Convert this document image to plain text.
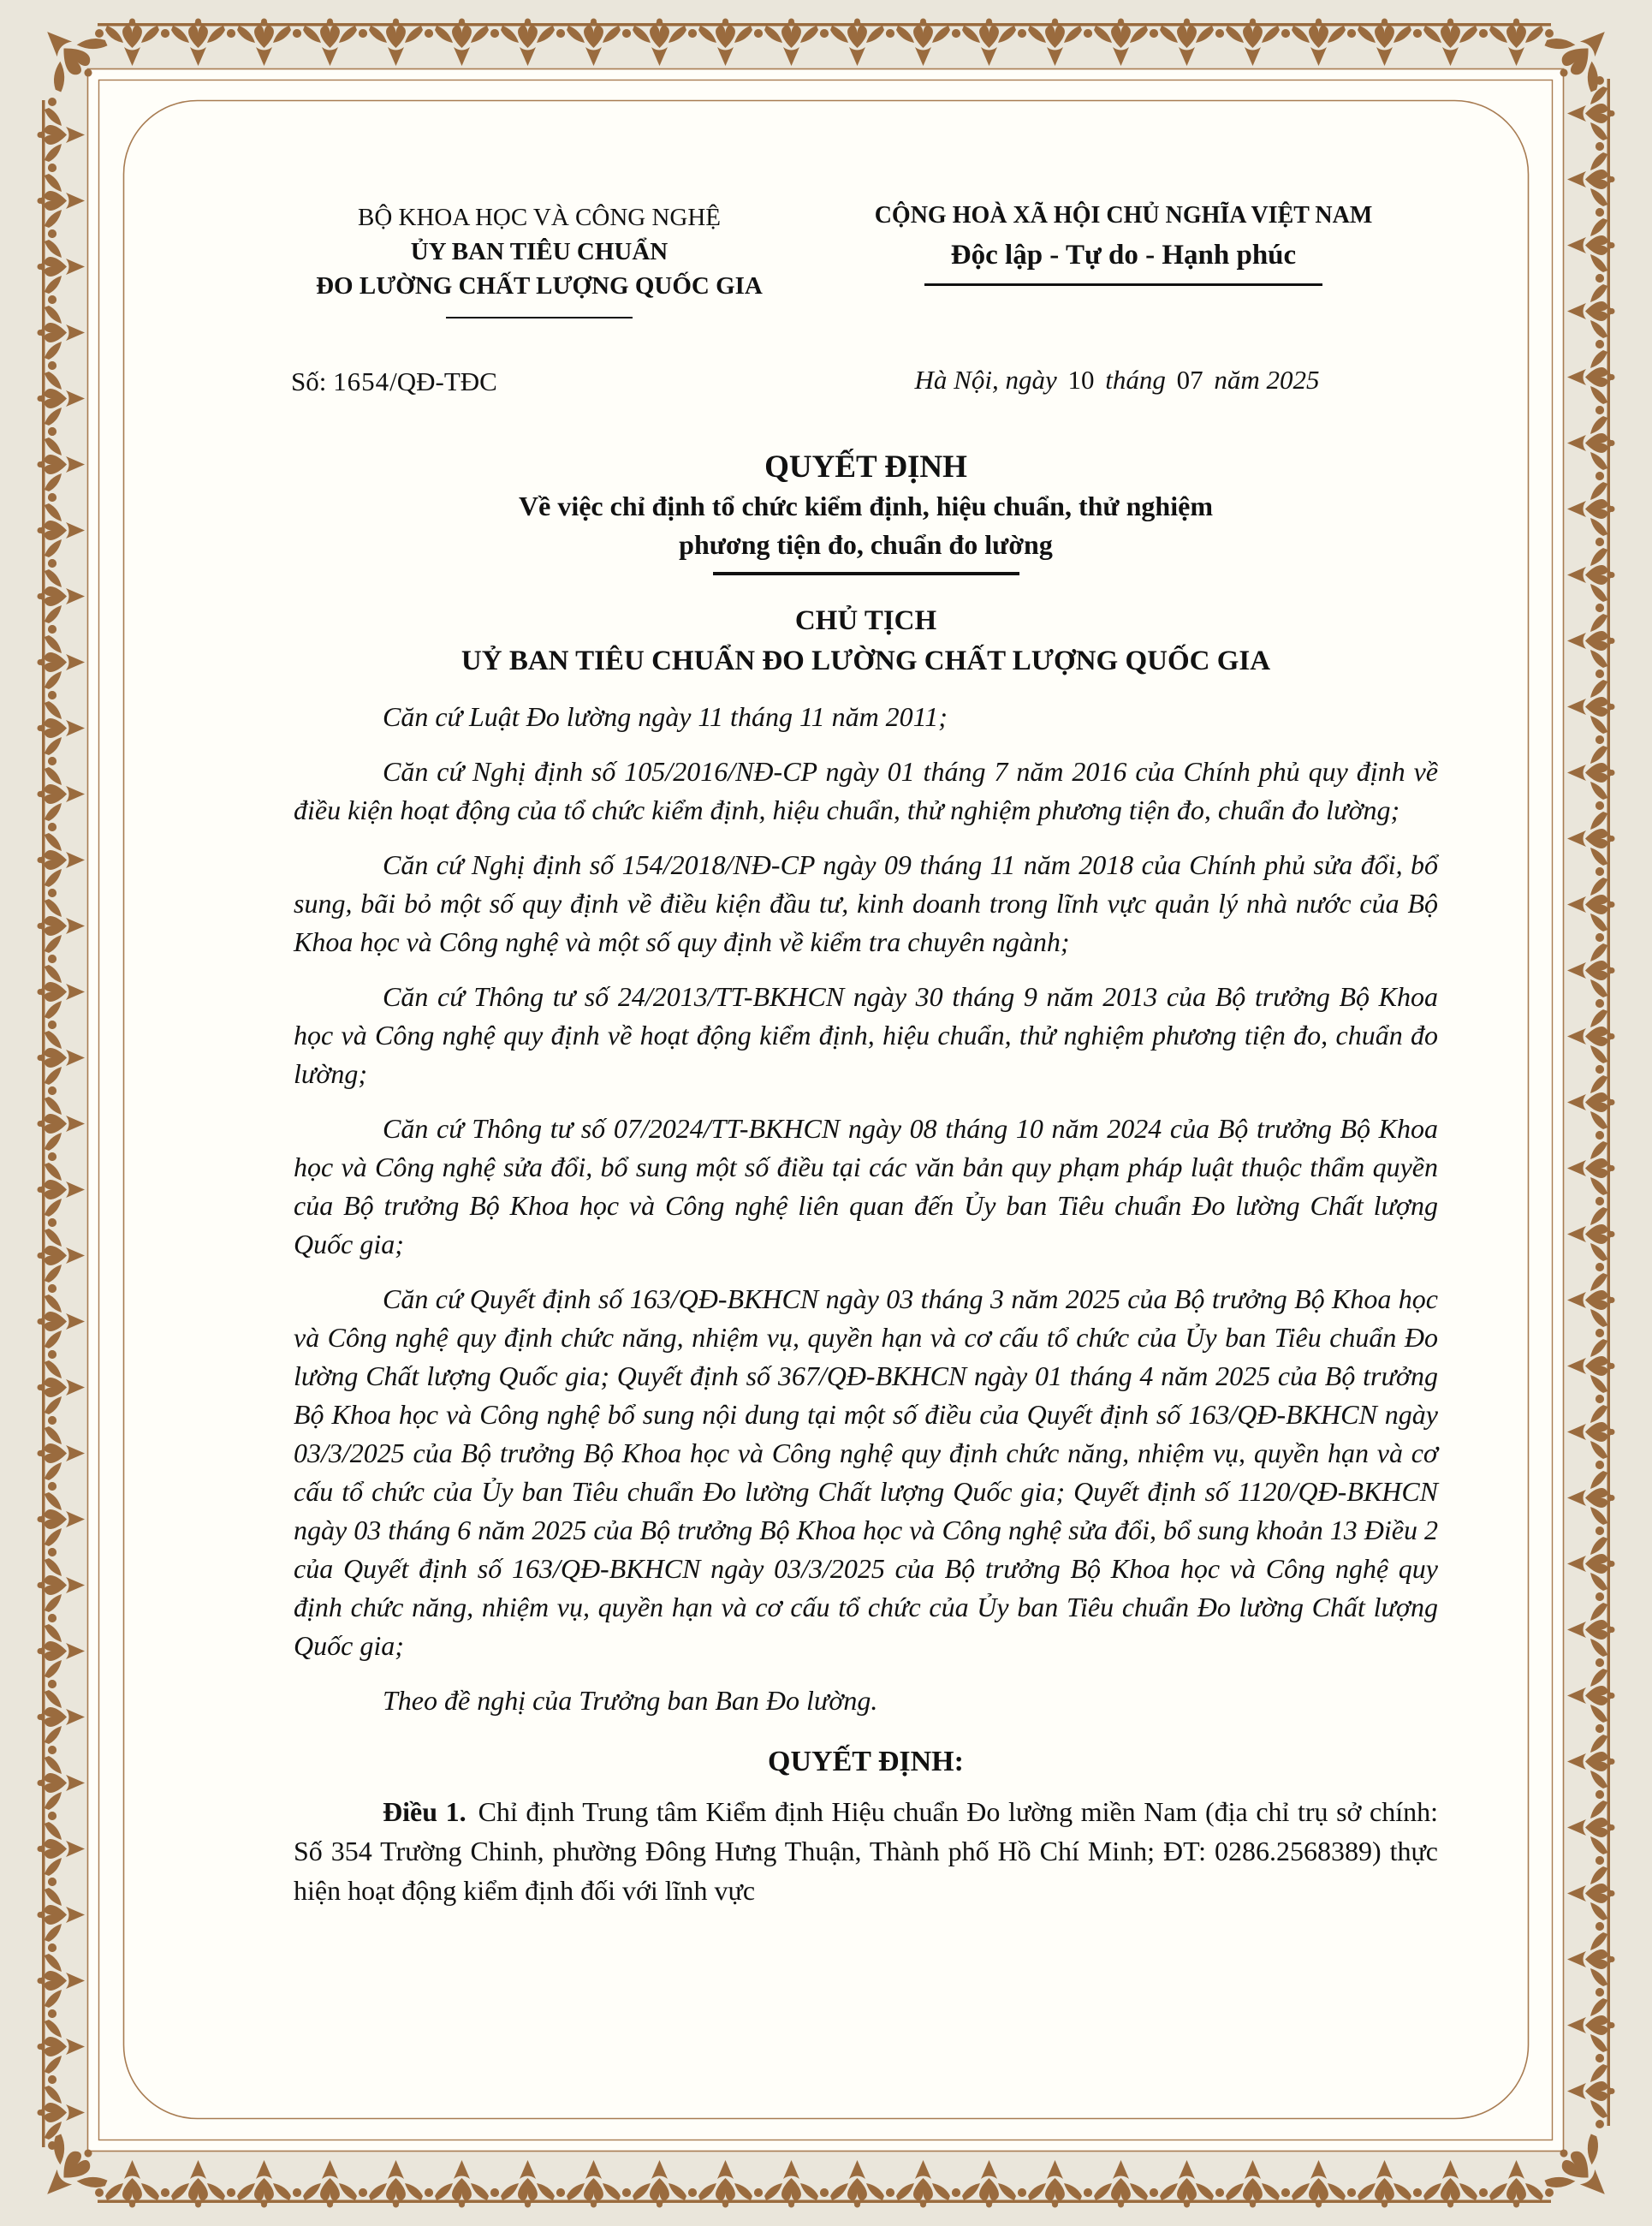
BỘ KHOA HỌC VÀ CÔNG NGHỆ
ỦY BAN TIÊU CHUẨN
ĐO LƯỜNG CHẤT LƯỢNG QUỐC GIA
CỘNG HOÀ XÃ HỘI CHỦ NGHĨA VIỆT NAM
Độc lập - Tự do - Hạnh phúc
Số: 1654/QĐ-TĐC	Hà Nội, ngày 10 tháng 07 năm 2025
QUYẾT ĐỊNH
Về việc chỉ định tổ chức kiểm định, hiệu chuẩn, thử nghiệm
phương tiện đo, chuẩn đo lường
CHỦ TỊCH
UỶ BAN TIÊU CHUẨN ĐO LƯỜNG CHẤT LƯỢNG QUỐC GIA

Căn cứ Luật Đo lường ngày 11 tháng 11 năm 2011;

Căn cứ Nghị định số 105/2016/NĐ-CP ngày 01 tháng 7 năm 2016 của Chính phủ quy định về điều kiện hoạt động của tổ chức kiểm định, hiệu chuẩn, thử nghiệm phương tiện đo, chuẩn đo lường;

Căn cứ Nghị định số 154/2018/NĐ-CP ngày 09 tháng 11 năm 2018 của Chính phủ sửa đổi, bổ sung, bãi bỏ một số quy định về điều kiện đầu tư, kinh doanh trong lĩnh vực quản lý nhà nước của Bộ Khoa học và Công nghệ và một số quy định về kiểm tra chuyên ngành;

Căn cứ Thông tư số 24/2013/TT-BKHCN ngày 30 tháng 9 năm 2013 của Bộ trưởng Bộ Khoa học và Công nghệ quy định về hoạt động kiểm định, hiệu chuẩn, thử nghiệm phương tiện đo, chuẩn đo lường;

Căn cứ Thông tư số 07/2024/TT-BKHCN ngày 08 tháng 10 năm 2024 của Bộ trưởng Bộ Khoa học và Công nghệ sửa đổi, bổ sung một số điều tại các văn bản quy phạm pháp luật thuộc thẩm quyền của Bộ trưởng Bộ Khoa học và Công nghệ liên quan đến Ủy ban Tiêu chuẩn Đo lường Chất lượng Quốc gia;

Căn cứ Quyết định số 163/QĐ-BKHCN ngày 03 tháng 3 năm 2025 của Bộ trưởng Bộ Khoa học và Công nghệ quy định chức năng, nhiệm vụ, quyền hạn và cơ cấu tổ chức của Ủy ban Tiêu chuẩn Đo lường Chất lượng Quốc gia; Quyết định số 367/QĐ-BKHCN ngày 01 tháng 4 năm 2025 của Bộ trưởng Bộ Khoa học và Công nghệ bổ sung nội dung tại một số điều của Quyết định số 163/QĐ-BKHCN ngày 03/3/2025 của Bộ trưởng Bộ Khoa học và Công nghệ quy định chức năng, nhiệm vụ, quyền hạn và cơ cấu tổ chức của Ủy ban Tiêu chuẩn Đo lường Chất lượng Quốc gia; Quyết định số 1120/QĐ-BKHCN ngày 03 tháng 6 năm 2025 của Bộ trưởng Bộ Khoa học và Công nghệ sửa đổi, bổ sung khoản 13 Điều 2 của Quyết định số 163/QĐ-BKHCN ngày 03/3/2025 của Bộ trưởng Bộ Khoa học và Công nghệ quy định chức năng, nhiệm vụ, quyền hạn và cơ cấu tổ chức của Ủy ban Tiêu chuẩn Đo lường Chất lượng Quốc gia;

Theo đề nghị của Trưởng ban Ban Đo lường.

QUYẾT ĐỊNH:

Điều 1. Chỉ định Trung tâm Kiểm định Hiệu chuẩn Đo lường miền Nam (địa chỉ trụ sở chính: Số 354 Trường Chinh, phường Đông Hưng Thuận, Thành phố Hồ Chí Minh; ĐT: 0286.2568389) thực hiện hoạt động kiểm định đối với lĩnh vực
